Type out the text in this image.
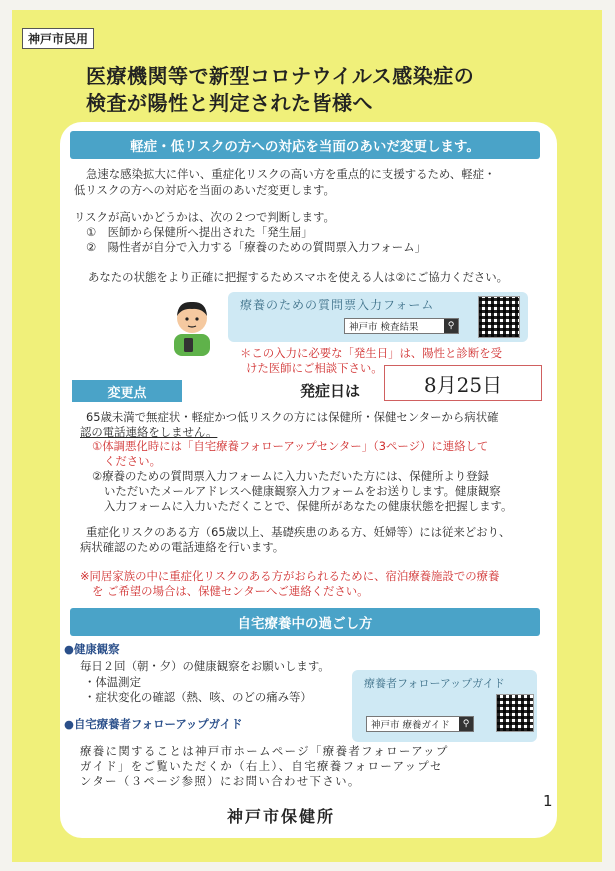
神戸市民用
医療機関等で新型コロナウイルス感染症の
検査が陽性と判定された皆様へ
軽症・低リスクの方への対応を当面のあいだ変更します。
急速な感染拡大に伴い、重症化リスクの高い方を重点的に支援するため、軽症・
低リスクの方への対応を当面のあいだ変更します。
リスクが高いかどうかは、次の２つで判断します。
①　医師から保健所へ提出された「発生届」
②　陽性者が自分で入力する「療養のための質問票入力フォーム」
あなたの状態をより正確に把握するためスマホを使える人は②にご協力ください。
療養のための質問票入力フォーム
神戸市 検査結果	⚲
＊この入力に必要な「発生日」は、陽性と診断を受
けた医師にご相談下さい。
変更点	発症日は	8月25日
65歳未満で無症状・軽症かつ低リスクの方には保健所・保健センターから病状確
認の電話連絡をしません。
①体調悪化時には「自宅療養フォローアップセンター」（3ページ）に連絡して
ください。
②療養のための質問票入力フォームに入力いただいた方には、保健所より登録
いただいたメールアドレスへ健康観察入力フォームをお送りします。健康観察
入力フォームに入力いただくことで、保健所があなたの健康状態を把握します。
重症化リスクのある方（65歳以上、基礎疾患のある方、妊婦等）には従来どおり、
病状確認のための電話連絡を行います。
※同居家族の中に重症化リスクのある方がおられるために、宿泊療養施設での療養
を ご希望の場合は、保健センターへご連絡ください。
自宅療養中の過ごし方
●健康観察
毎日２回（朝・夕）の健康観察をお願いします。
・体温測定
・症状変化の確認（熱、咳、のどの痛み等）
療養者フォローアップガイド
神戸市 療養ガイド	⚲
●自宅療養者フォローアップガイド
療養に関することは神戸市ホームページ「療養者フォローアップ
ガイド」をご覧いただくか（右上）、自宅療養フォローアップセ
ンター（３ページ参照）にお問い合わせ下さい。
神戸市保健所
1
